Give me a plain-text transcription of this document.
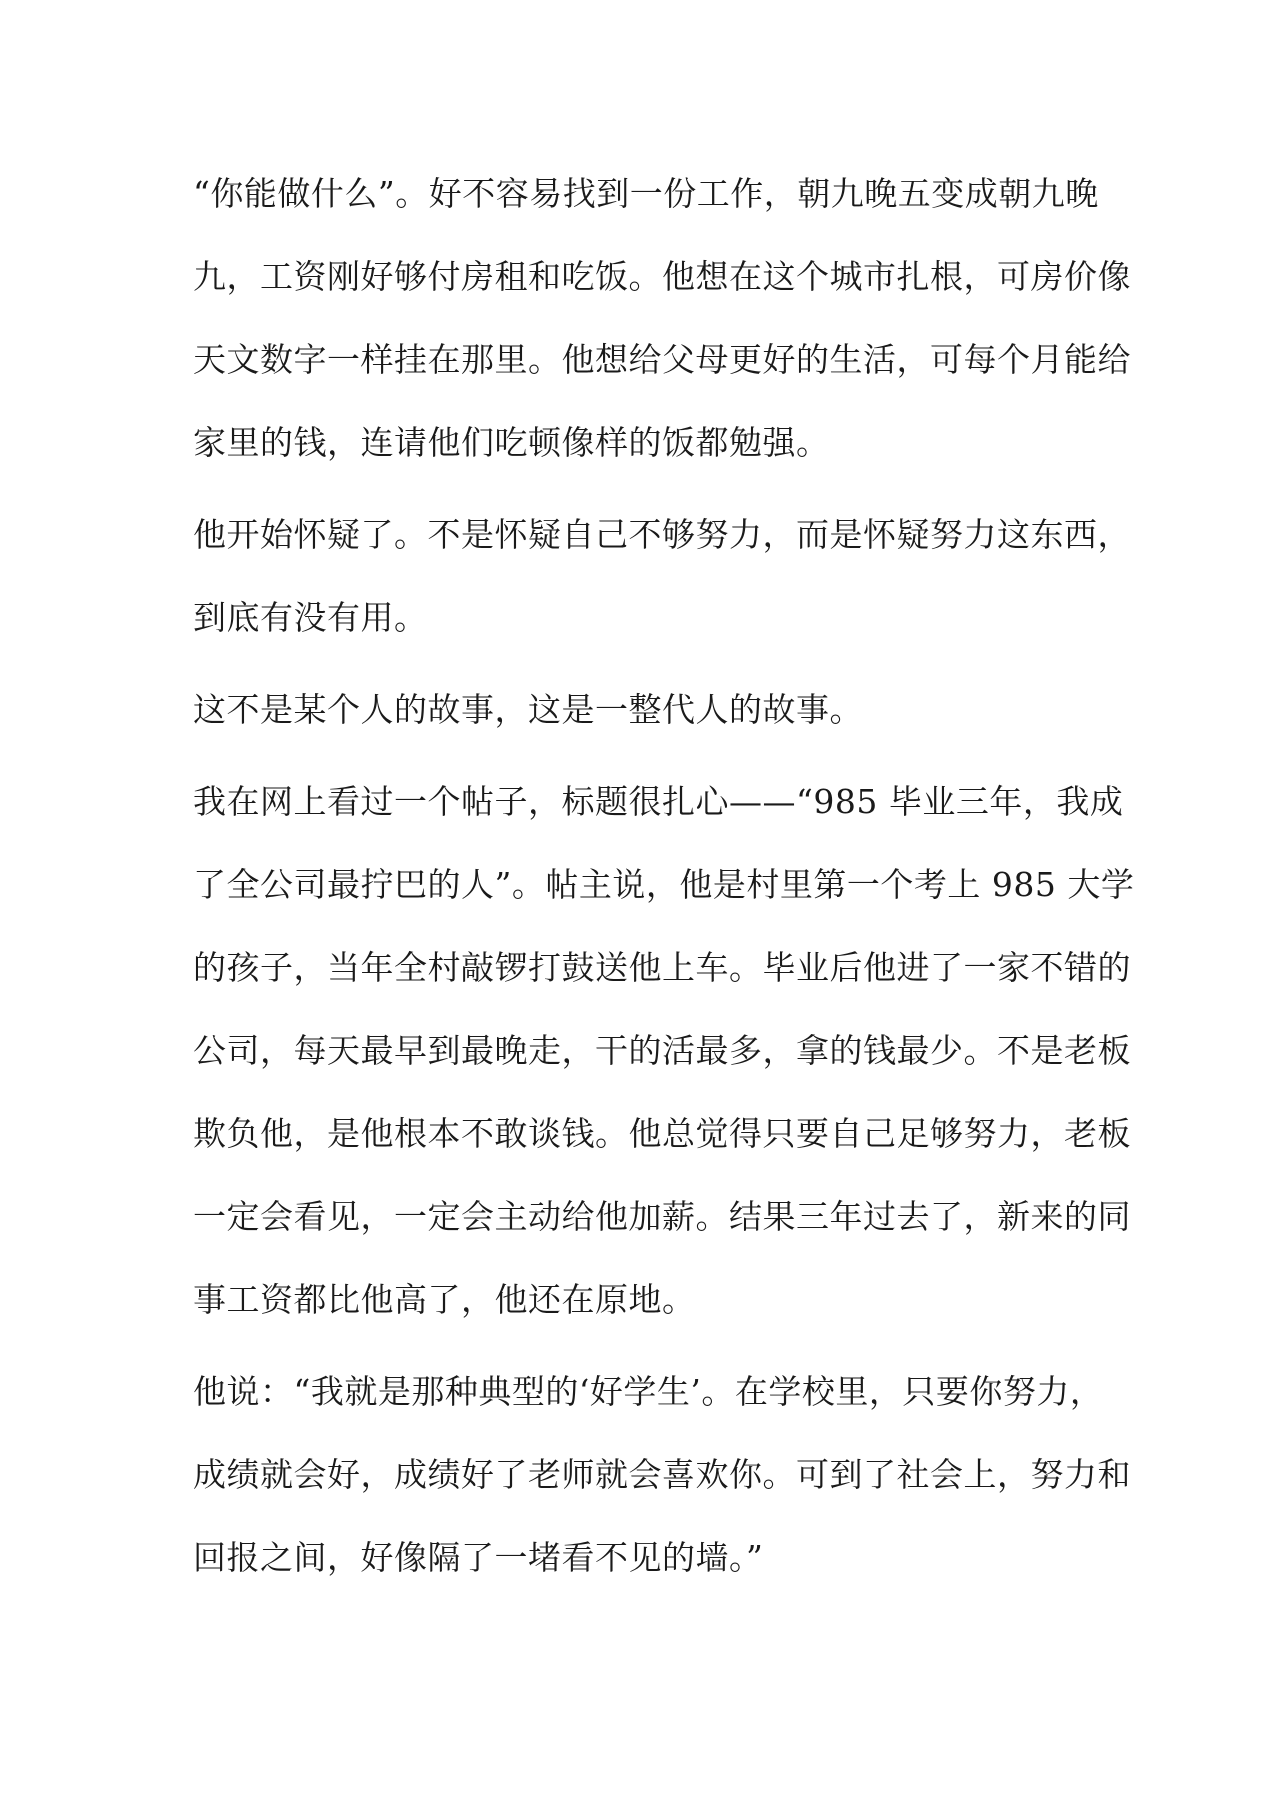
“你能做什么”。好不容易找到一份工作，朝九晚五变成朝九晚
九，工资刚好够付房租和吃饭。他想在这个城市扎根，可房价像
天文数字一样挂在那里。他想给父母更好的生活，可每个月能给
家里的钱，连请他们吃顿像样的饭都勉强。
他开始怀疑了。不是怀疑自己不够努力，而是怀疑努力这东西，
到底有没有用。
这不是某个人的故事，这是一整代人的故事。
我在网上看过一个帖子，标题很扎心——“985 毕业三年，我成
了全公司最拧巴的人”。帖主说，他是村里第一个考上 985 大学
的孩子，当年全村敲锣打鼓送他上车。毕业后他进了一家不错的
公司，每天最早到最晚走，干的活最多，拿的钱最少。不是老板
欺负他，是他根本不敢谈钱。他总觉得只要自己足够努力，老板
一定会看见，一定会主动给他加薪。结果三年过去了，新来的同
事工资都比他高了，他还在原地。
他说：“我就是那种典型的‘好学生’。在学校里，只要你努力，
成绩就会好，成绩好了老师就会喜欢你。可到了社会上，努力和
回报之间，好像隔了一堵看不见的墙。”
